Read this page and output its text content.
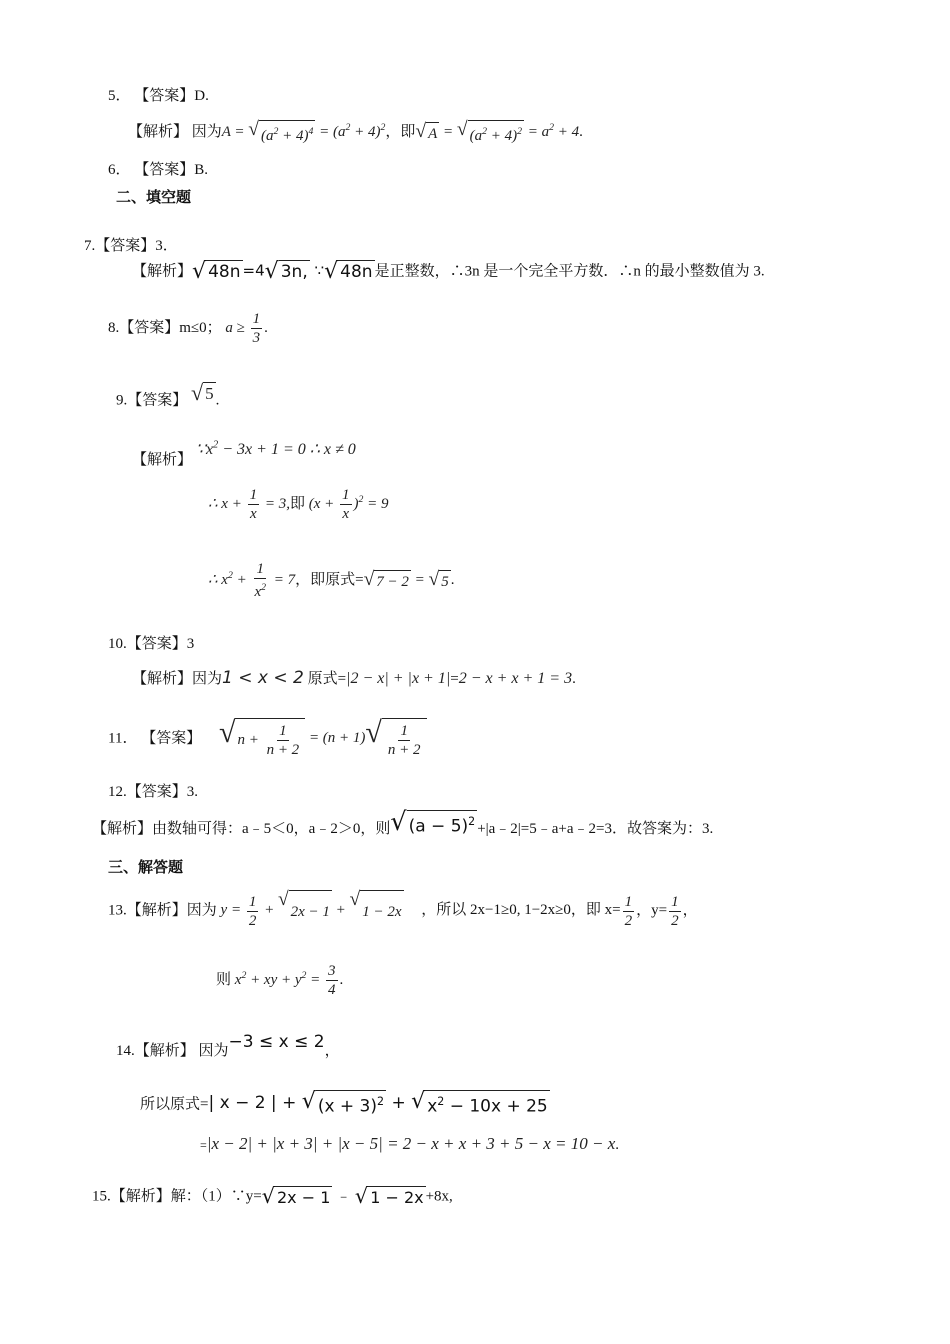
5． 【答案】D.
【解析】 因为A = √ $(a^2 + 4)^4 = (a^2 + 4)^2$，即 √ A = √ $(a^2 + 4)^2 = a^2 + 4$.
6． 【答案】B.
二、填空题
7.【答案】3．
【解析】 √ 48n =4 √ 3n, ∵ √ 48n 是正整数，∴3n 是一个完全平方数．∴n 的最小整数值为 3.
8.【答案】m≤0； $a \ge \frac{1}{3}$ .
9.【答案】 √ 5 .
【解析】 $\because x^2 - 3x + 1 = 0$ ∴ x ≠ 0
∴ $x + \frac{1}{x} = 3$,即 $(x + \frac{1}{x} )^2 = 9$
∴ $x^2 + \frac{1}{x^2} = 7$，即原式= √ 7 − 2 = √ 5 .
10.【答案】3
【解析】因为1 < x < 2 原式=|2 − x| + |x + 1|=2 − x + x + 1 = 3.
11． 【答案】 √ $n + \frac{1}{n + 2} = (n + 1)$ √ $\frac{1}{n + 2}$
12.【答案】3.
【解析】由数轴可得：a﹣5＜0，a﹣2＞0，则 √ $(a - 5)^2$ +|a﹣2|=5﹣a+a﹣2=3．故答案为：3.
三、解答题
13.【解析】因为 $y = \frac{1}{2}$ +
√
2x − 1 +
√
1 − 2x ，所以 2x−1≥0, 1−2x≥0，即 $x= \frac{1}{2}$ ，$y= \frac{1}{2}$ ，
则 $x^2$ + xy + $y^2 = \frac{3}{4}$ .
14.【解析】 因为−3 ≤ x ≤ 2，
所以原式=| x − 2 | + √ $(x + 3)^2$ + √ $x^2 - 10x + 25$
=|x − 2| + |x + 3| + |x − 5| = 2 − x + x + 3 + 5 − x = 10 − x.
15.【解析】解：（1）∵y= √ 2x − 1 ﹣ √ 1 − 2x +8x,
